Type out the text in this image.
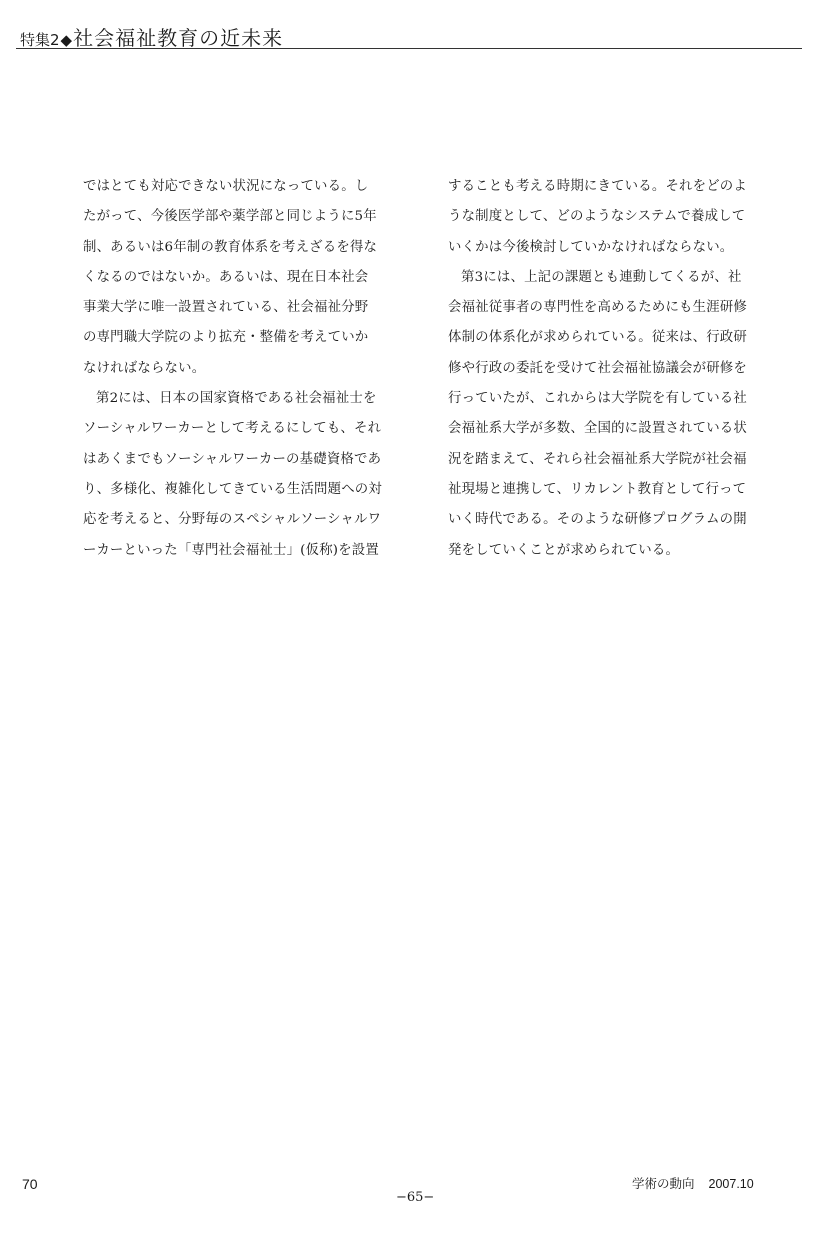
特集2◆社会福祉教育の近未来
ではとても対応できない状況になっている。し
たがって、今後医学部や薬学部と同じように5年
制、あるいは6年制の教育体系を考えざるを得な
くなるのではないか。あるいは、現在日本社会
事業大学に唯一設置されている、社会福祉分野
の専門職大学院のより拡充・整備を考えていか
なければならない。
第2には、日本の国家資格である社会福祉士を
ソーシャルワーカーとして考えるにしても、それ
はあくまでもソーシャルワーカーの基礎資格であ
り、多様化、複雑化してきている生活問題への対
応を考えると、分野毎のスペシャルソーシャルワ
ーカーといった「専門社会福祉士」(仮称)を設置
することも考える時期にきている。それをどのよ
うな制度として、どのようなシステムで養成して
いくかは今後検討していかなければならない。
第3には、上記の課題とも連動してくるが、社
会福祉従事者の専門性を高めるためにも生涯研修
体制の体系化が求められている。従来は、行政研
修や行政の委託を受けて社会福祉協議会が研修を
行っていたが、これからは大学院を有している社
会福祉系大学が多数、全国的に設置されている状
況を踏まえて、それら社会福祉系大学院が社会福
祉現場と連携して、リカレント教育として行って
いく時代である。そのような研修プログラムの開
発をしていくことが求められている。
70	学術の動向 2007.10
−65−
